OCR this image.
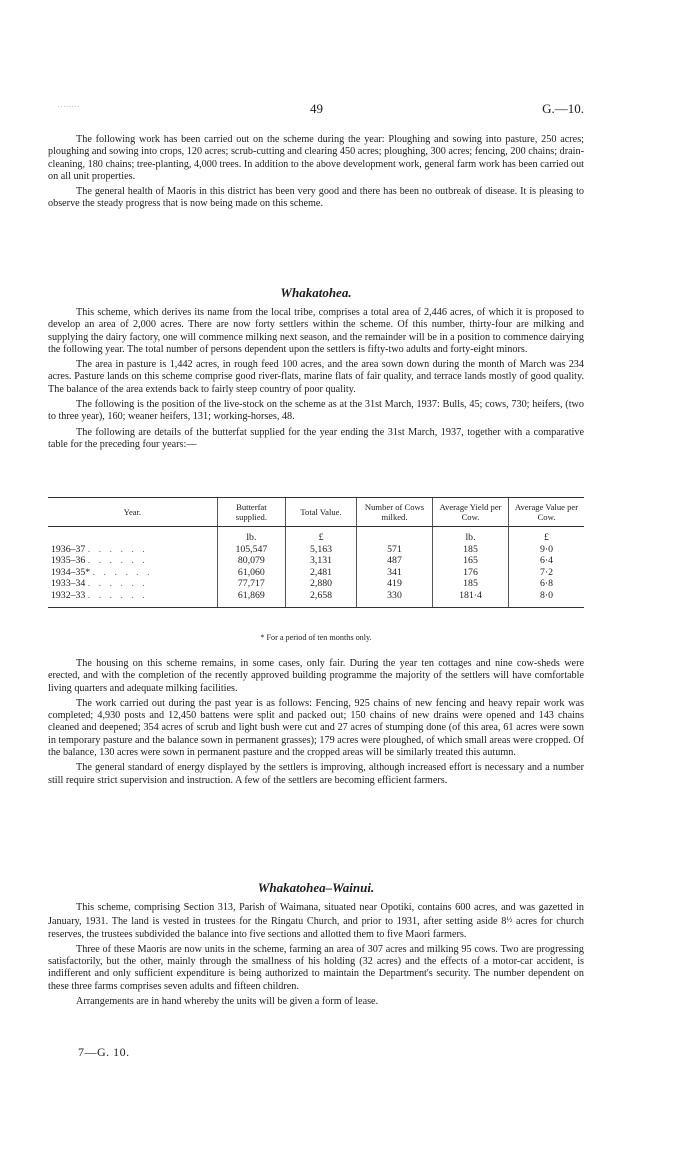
........	49	G.—10.

The following work has been carried out on the scheme during the year: Ploughing and sowing into pasture, 250 acres; ploughing and sowing into crops, 120 acres; scrub-cutting and clearing 450 acres; ploughing, 300 acres; fencing, 200 chains; drain-cleaning, 180 chains; tree-planting, 4,000 trees. In addition to the above development work, general farm work has been carried out on all unit properties.

The general health of Maoris in this district has been very good and there has been no outbreak of disease. It is pleasing to observe the steady progress that is now being made on this scheme.

Whakatohea.

This scheme, which derives its name from the local tribe, comprises a total area of 2,446 acres, of which it is proposed to develop an area of 2,000 acres. There are now forty settlers within the scheme. Of this number, thirty-four are milking and supplying the dairy factory, one will commence milking next season, and the remainder will be in a position to commence dairying the following year. The total number of persons dependent upon the settlers is fifty-two adults and forty-eight minors.

The area in pasture is 1,442 acres, in rough feed 100 acres, and the area sown down during the month of March was 234 acres. Pasture lands on this scheme comprise good river-flats, marine flats of fair quality, and terrace lands mostly of good quality. The balance of the area extends back to fairly steep country of poor quality.

The following is the position of the live-stock on the scheme as at the 31st March, 1937: Bulls, 45; cows, 730; heifers, (two to three year), 160; weaner heifers, 131; working-horses, 48.

The following are details of the butterfat supplied for the year ending the 31st March, 1937, together with a comparative table for the preceding four years:—

Year.	Butterfat supplied.	Total Value.	Number of Cows milked.	Average Yield per Cow.	Average Value per Cow.
	lb.	£		lb.	£
1936–37 . . . . . .	105,547	5,163	571	185	9·0
1935–36 . . . . . .	80,079	3,131	487	165	6·4
1934–35* . . . . . .	61,060	2,481	341	176	7·2
1933–34 . . . . . .	77,717	2,880	419	185	6·8
1932–33 . . . . . .	61,869	2,658	330	181·4	8·0
* For a period of ten months only.

The housing on this scheme remains, in some cases, only fair. During the year ten cottages and nine cow-sheds were erected, and with the completion of the recently approved building programme the majority of the settlers will have comfortable living quarters and adequate milking facilities.

The work carried out during the past year is as follows: Fencing, 925 chains of new fencing and heavy repair work was completed; 4,930 posts and 12,450 battens were split and packed out; 150 chains of new drains were opened and 143 chains cleaned and deepened; 354 acres of scrub and light bush were cut and 27 acres of stumping done (of this area, 61 acres were sown in temporary pasture and the balance sown in permanent grasses); 179 acres were ploughed, of which small areas were cropped. Of the balance, 130 acres were sown in permanent pasture and the cropped areas will be similarly treated this autumn.

The general standard of energy displayed by the settlers is improving, although increased effort is necessary and a number still require strict supervision and instruction. A few of the settlers are becoming efficient farmers.

Whakatohea–Wainui.

This scheme, comprising Section 313, Parish of Waimana, situated near Opotiki, contains 600 acres, and was gazetted in January, 1931. The land is vested in trustees for the Ringatu Church, and prior to 1931, after setting aside 8½ acres for church reserves, the trustees subdivided the balance into five sections and allotted them to five Maori farmers.

Three of these Maoris are now units in the scheme, farming an area of 307 acres and milking 95 cows. Two are progressing satisfactorily, but the other, mainly through the smallness of his holding (32 acres) and the effects of a motor-car accident, is indifferent and only sufficient expenditure is being authorized to maintain the Department's security. The number dependent on these three farms comprises seven adults and fifteen children.

Arrangements are in hand whereby the units will be given a form of lease.

7—G. 10.
